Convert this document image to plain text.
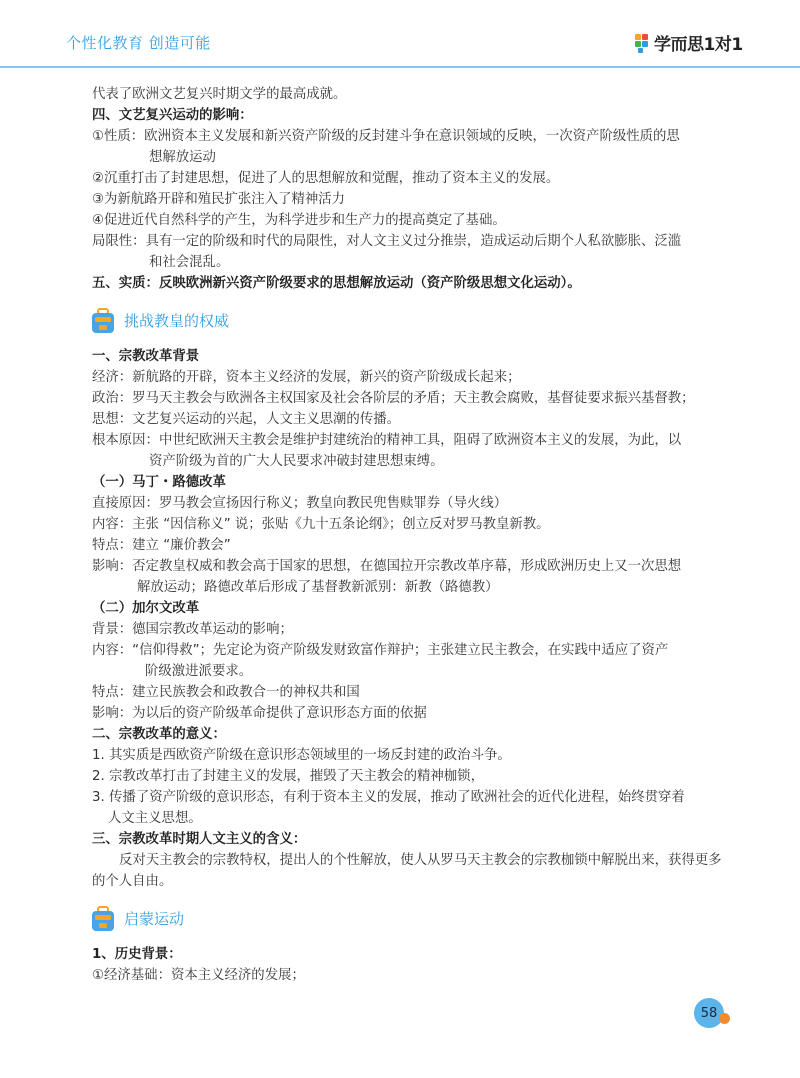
个性化教育 创造可能	学而思1对1
代表了欧洲文艺复兴时期文学的最高成就。
四、文艺复兴运动的影响：
①性质：欧洲资本主义发展和新兴资产阶级的反封建斗争在意识领域的反映，一次资产阶级性质的思
想解放运动
②沉重打击了封建思想，促进了人的思想解放和觉醒，推动了资本主义的发展。
③为新航路开辟和殖民扩张注入了精神活力
④促进近代自然科学的产生，为科学进步和生产力的提高奠定了基础。
局限性：具有一定的阶级和时代的局限性，对人文主义过分推崇，造成运动后期个人私欲膨胀、泛滥
和社会混乱。
五、实质：反映欧洲新兴资产阶级要求的思想解放运动（资产阶级思想文化运动）。
挑战教皇的权威
一、宗教改革背景
经济：新航路的开辟，资本主义经济的发展，新兴的资产阶级成长起来；
政治：罗马天主教会与欧洲各主权国家及社会各阶层的矛盾；天主教会腐败，基督徒要求振兴基督教；
思想：文艺复兴运动的兴起，人文主义思潮的传播。
根本原因：中世纪欧洲天主教会是维护封建统治的精神工具，阻碍了欧洲资本主义的发展，为此，以
资产阶级为首的广大人民要求冲破封建思想束缚。
（一）马丁・路德改革
直接原因：罗马教会宣扬因行称义；教皇向教民兜售赎罪券（导火线）
内容：主张 “因信称义” 说；张贴《九十五条论纲》；创立反对罗马教皇新教。
特点：建立 “廉价教会”
影响：否定教皇权威和教会高于国家的思想，在德国拉开宗教改革序幕，形成欧洲历史上又一次思想
解放运动；路德改革后形成了基督教新派别：新教（路德教）
（二）加尔文改革
背景：德国宗教改革运动的影响；
内容：“信仰得救”；先定论为资产阶级发财致富作辩护；主张建立民主教会，在实践中适应了资产
阶级激进派要求。
特点：建立民族教会和政教合一的神权共和国
影响：为以后的资产阶级革命提供了意识形态方面的依据
二、宗教改革的意义：
1. 其实质是西欧资产阶级在意识形态领域里的一场反封建的政治斗争。
2. 宗教改革打击了封建主义的发展，摧毁了天主教会的精神枷锁，
3. 传播了资产阶级的意识形态，有利于资本主义的发展，推动了欧洲社会的近代化进程，始终贯穿着
人文主义思想。
三、宗教改革时期人文主义的含义：
反对天主教会的宗教特权，提出人的个性解放，使人从罗马天主教会的宗教枷锁中解脱出来，获得更多的个人自由。
启蒙运动
1、历史背景：
①经济基础：资本主义经济的发展；
58
